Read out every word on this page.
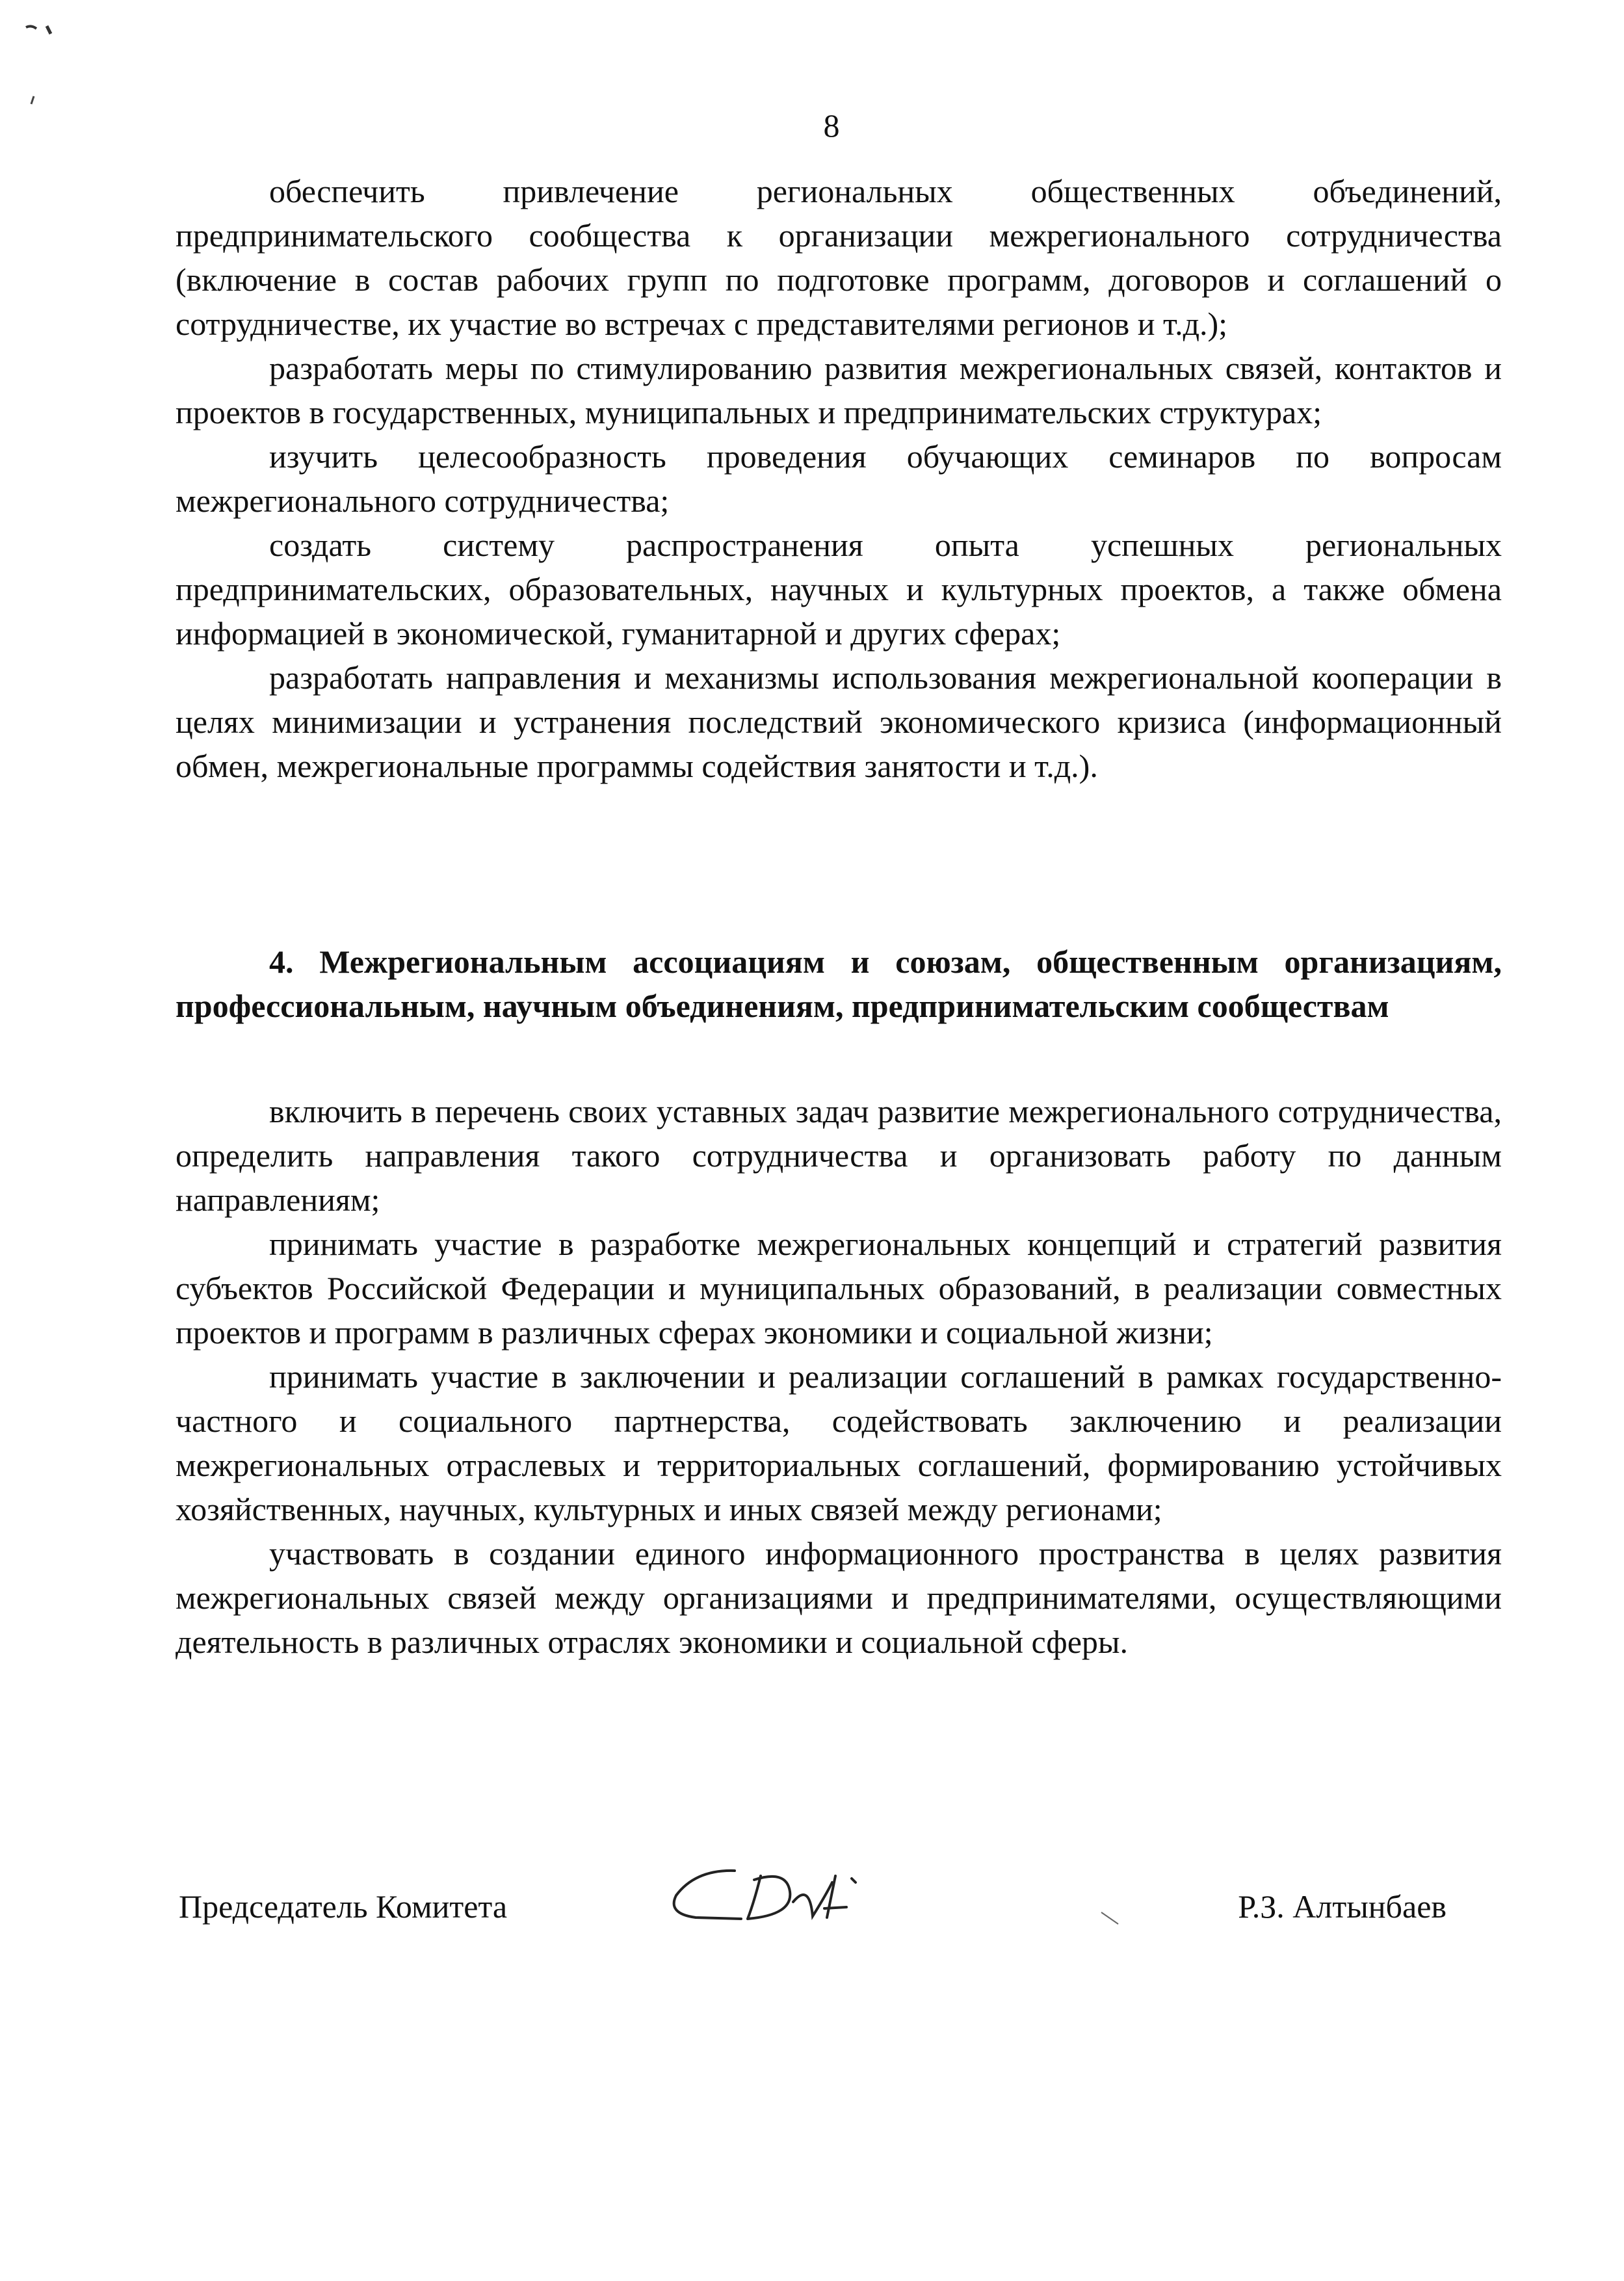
8

обеспечить привлечение региональных общественных объединений, предпринимательского сообщества к организации межрегионального сотрудничества (включение в состав рабочих групп по подготовке программ, договоров и соглашений о сотрудничестве, их участие во встречах с представителями регионов и т.д.);

разработать меры по стимулированию развития межрегиональных связей, контактов и проектов в государственных, муниципальных и предпринимательских структурах;

изучить целесообразность проведения обучающих семинаров по вопросам межрегионального сотрудничества;

создать систему распространения опыта успешных региональных предпринимательских, образовательных, научных и культурных проектов, а также обмена информацией в экономической, гуманитарной и других сферах;

разработать направления и механизмы использования межрегиональной кооперации в целях минимизации и устранения последствий экономического кризиса (информационный обмен, межрегиональные программы содействия занятости и т.д.).

4. Межрегиональным ассоциациям и союзам, общественным организациям, профессиональным, научным объединениям, предпринимательским сообществам

включить в перечень своих уставных задач развитие межрегионального сотрудничества, определить направления такого сотрудничества и организовать работу по данным направлениям;

принимать участие в разработке межрегиональных концепций и стратегий развития субъектов Российской Федерации и муниципальных образований, в реализации совместных проектов и программ в различных сферах экономики и социальной жизни;

принимать участие в заключении и реализации соглашений в рамках государственно-частного и социального партнерства, содействовать заключению и реализации межрегиональных отраслевых и территориальных соглашений, формированию устойчивых хозяйственных, научных, культурных и иных связей между регионами;

участвовать в создании единого информационного пространства в целях развития межрегиональных связей между организациями и предпринимателями, осуществляющими деятельность в различных отраслях экономики и социальной сферы.

Председатель Комитета	Р.З. Алтынбаев
